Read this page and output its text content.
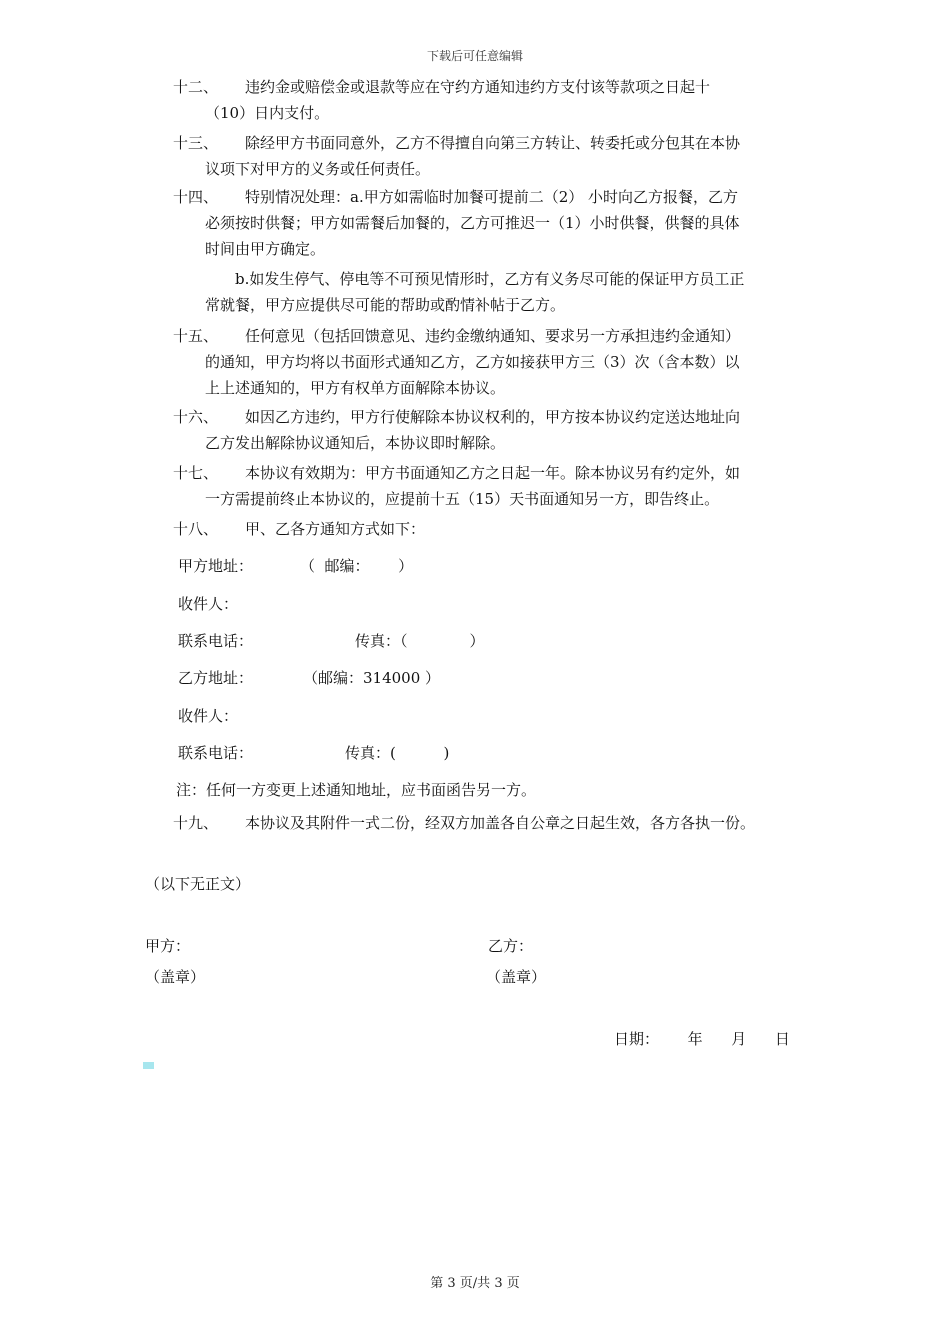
下载后可任意编辑
十二、 违约金或赔偿金或退款等应在守约方通知违约方支付该等款项之日起十
（10）日内支付。
十三、 除经甲方书面同意外，乙方不得擅自向第三方转让、转委托或分包其在本协
议项下对甲方的义务或任何责任。
十四、 特别情况处理：a.甲方如需临时加餐可提前二（2） 小时向乙方报餐，乙方
必须按时供餐；甲方如需餐后加餐的，乙方可推迟一（1）小时供餐，供餐的具体
时间由甲方确定。
b.如发生停气、停电等不可预见情形时，乙方有义务尽可能的保证甲方员工正
常就餐，甲方应提供尽可能的帮助或酌情补帖于乙方。
十五、 任何意见（包括回馈意见、违约金缴纳通知、要求另一方承担违约金通知）
的通知，甲方均将以书面形式通知乙方，乙方如接获甲方三（3）次（含本数）以
上上述通知的，甲方有权单方面解除本协议。
十六、 如因乙方违约，甲方行使解除本协议权利的，甲方按本协议约定送达地址向
乙方发出解除协议通知后，本协议即时解除。
十七、 本协议有效期为：甲方书面通知乙方之日起一年。除本协议另有约定外，如
一方需提前终止本协议的，应提前十五（15）天书面通知另一方，即告终止。
十八、 甲、乙各方通知方式如下：
甲方地址：	（  邮编：      ）
收件人：
联系电话：	传真：（             ）
乙方地址：	（邮编：314000 ）
收件人：
联系电话：	传真：(          )
注：任何一方变更上述通知地址，应书面函告另一方。
十九、 本协议及其附件一式二份，经双方加盖各自公章之日起生效，各方各执一份。
（以下无正文）
甲方：
（盖章）
乙方：
（盖章）
日期：      年      月      日
第 3 页/共 3 页
